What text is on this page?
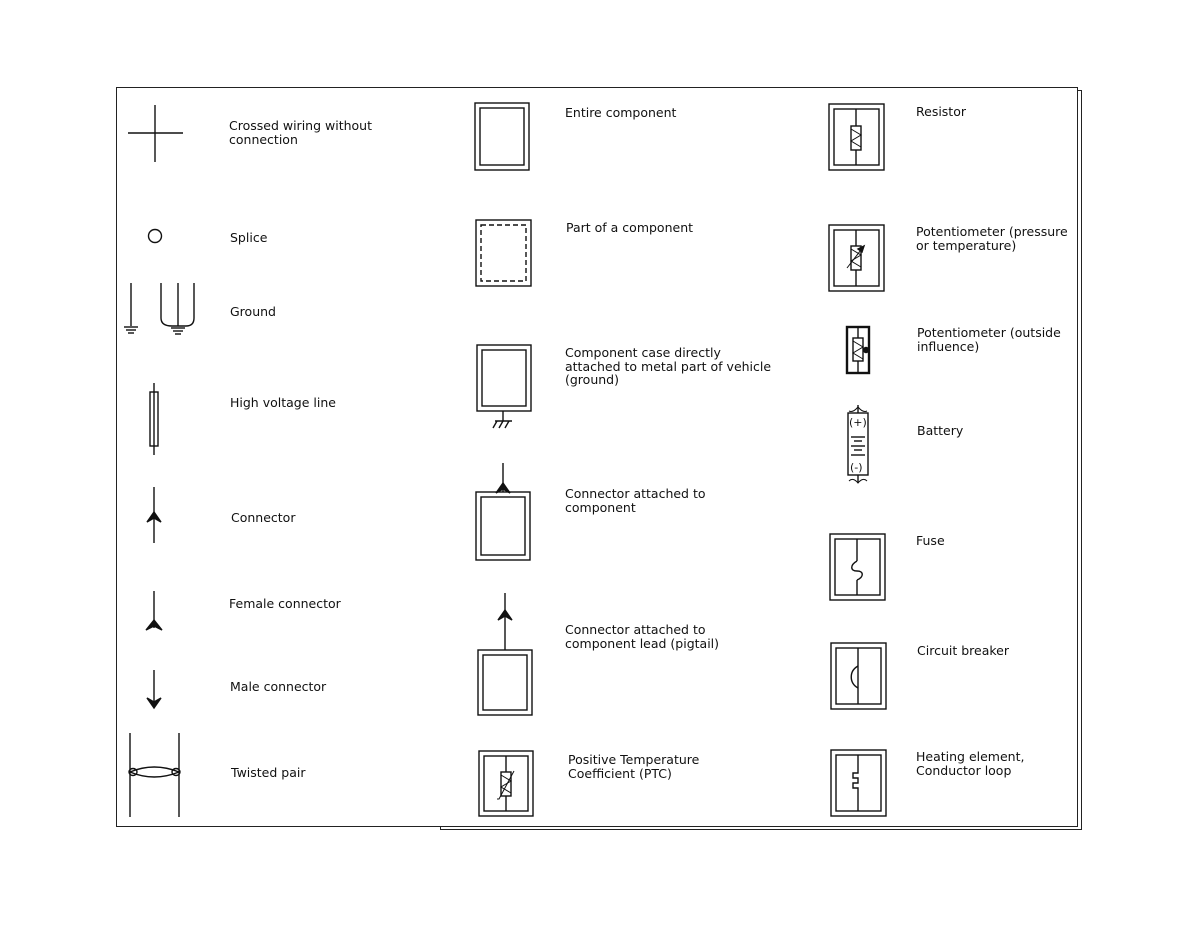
Crossed wiring without
connection
Splice
Ground
High voltage line
Connector
Female connector
Male connector
Twisted pair
Entire component
Part of a component
Component case directly
attached to metal part of vehicle
(ground)
Connector attached to
component
Connector attached to
component lead (pigtail)
Positive Temperature
Coefficient (PTC)
Resistor
Potentiometer (pressure
or temperature)
Potentiometer (outside
influence)
Battery
Fuse
Circuit breaker
Heating element,
Conductor loop
(+)
(-)
